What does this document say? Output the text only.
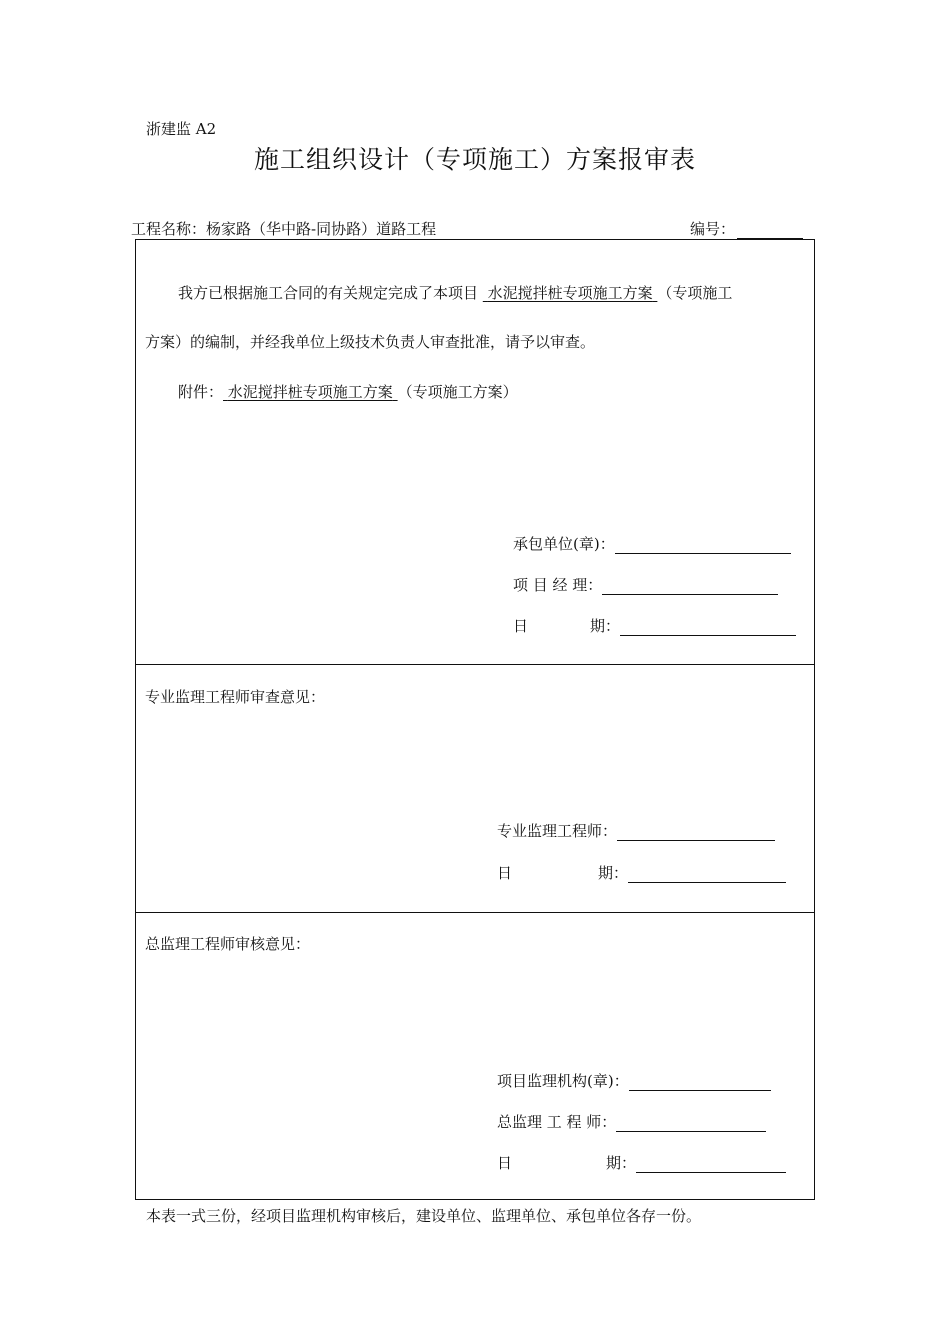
浙建监 A2
施工组织设计（专项施工）方案报审表
工程名称：杨家路（华中路-同协路）道路工程	编号：
我方已根据施工合同的有关规定完成了本项目 水泥搅拌桩专项施工方案 （专项施工
方案）的编制，并经我单位上级技术负责人审查批准，请予以审查。
附件： 水泥搅拌桩专项施工方案 （专项施工方案）
承包单位(章)：
项 目 经 理：
日	期：
专业监理工程师审查意见：
专业监理工程师：
日	期：
总监理工程师审核意见：
项目监理机构(章)：
总监理 工 程 师：
日	期：
本表一式三份，经项目监理机构审核后，建设单位、监理单位、承包单位各存一份。
